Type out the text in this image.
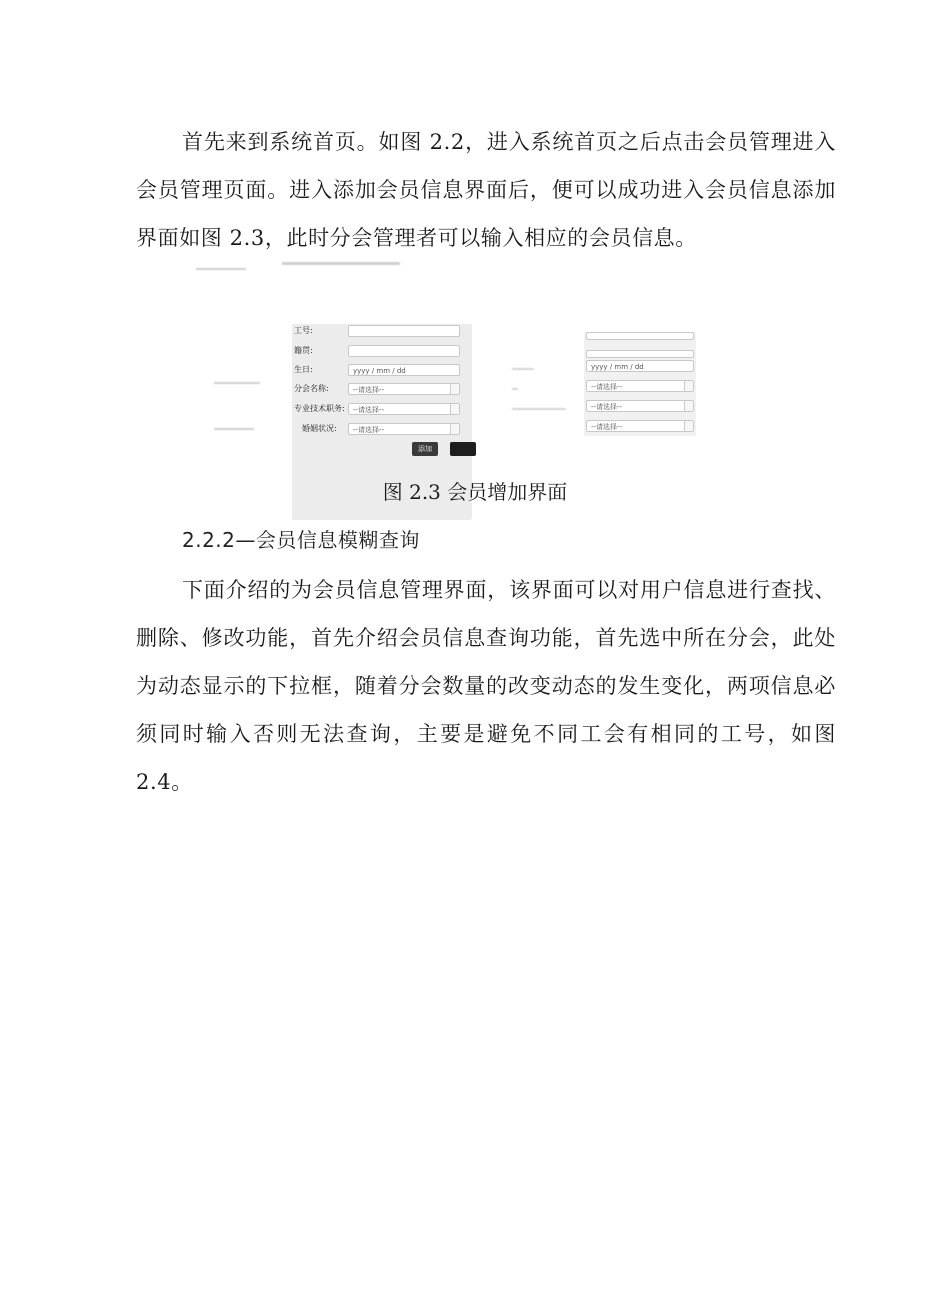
首先来到系统首页。如图 2.2，进入系统首页之后点击会员管理进入会员管理页面。进入添加会员信息界面后，便可以成功进入会员信息添加界面如图 2.3，此时分会管理者可以输入相应的会员信息。

工号:
籍贯:
生日:	yyyy / mm / dd
分会名称:	--请选择--
专业技术职务:	--请选择--
婚姻状况:	--请选择--
添加
yyyy / mm / dd
--请选择--
--请选择--
--请选择--
图 2.3 会员增加界面
2.2.2—会员信息模糊查询

下面介绍的为会员信息管理界面，该界面可以对用户信息进行查找、删除、修改功能，首先介绍会员信息查询功能，首先选中所在分会，此处为动态显示的下拉框，随着分会数量的改变动态的发生变化，两项信息必须同时输入否则无法查询，主要是避免不同工会有相同的工号，如图 2.4。
